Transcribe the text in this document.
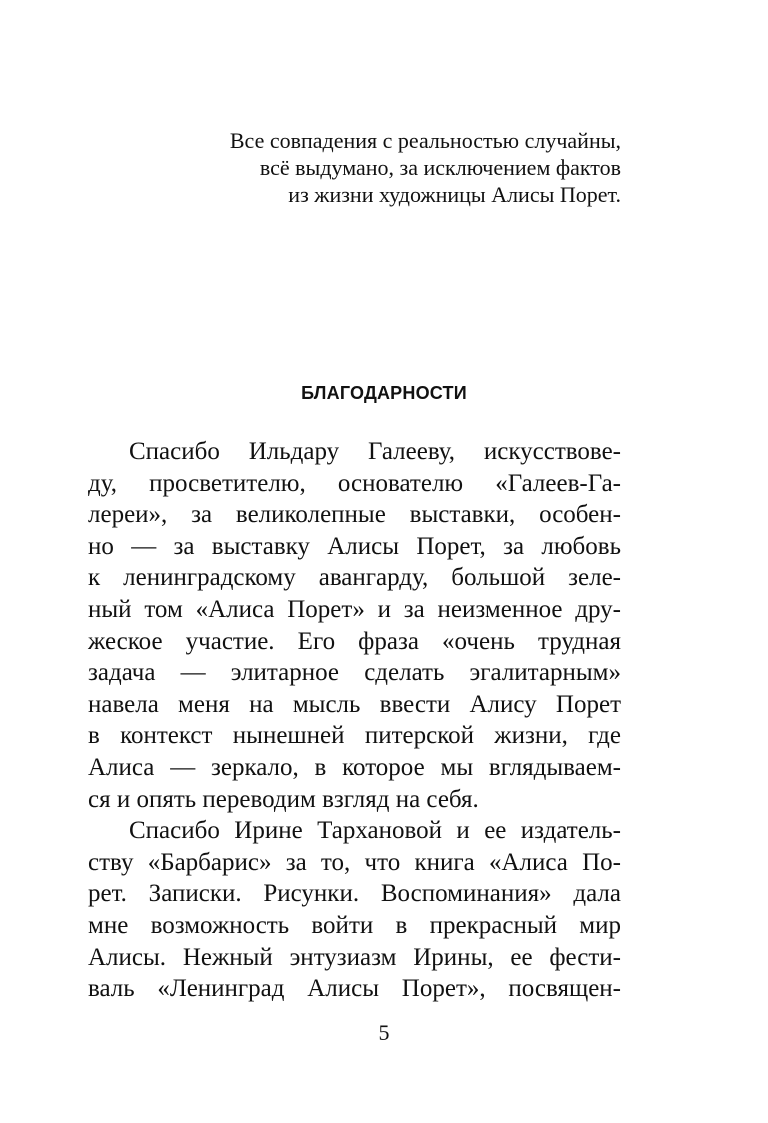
Все совпадения с реальностью случайны,
всё выдумано, за исключением фактов
из жизни художницы Алисы Порет.
БЛАГОДАРНОСТИ
Спасибо Ильдару Галееву, искусствове-
ду, просветителю, основателю «Галеев-Га-
лереи», за великолепные выставки, особен-
но — за выставку Алисы Порет, за любовь
к ленинградскому авангарду, большой зеле-
ный том «Алиса Порет» и за неизменное дру-
жеское участие. Его фраза «очень трудная
задача — элитарное сделать эгалитарным»
навела меня на мысль ввести Алису Порет
в контекст нынешней питерской жизни, где
Алиса — зеркало, в которое мы вглядываем-
ся и опять переводим взгляд на себя.
Спасибо Ирине Тархановой и ее издатель-
ству «Барбарис» за то, что книга «Алиса По-
рет. Записки. Рисунки. Воспоминания» дала
мне возможность войти в прекрасный мир
Алисы. Нежный энтузиазм Ирины, ее фести-
валь «Ленинград Алисы Порет», посвящен-
5
